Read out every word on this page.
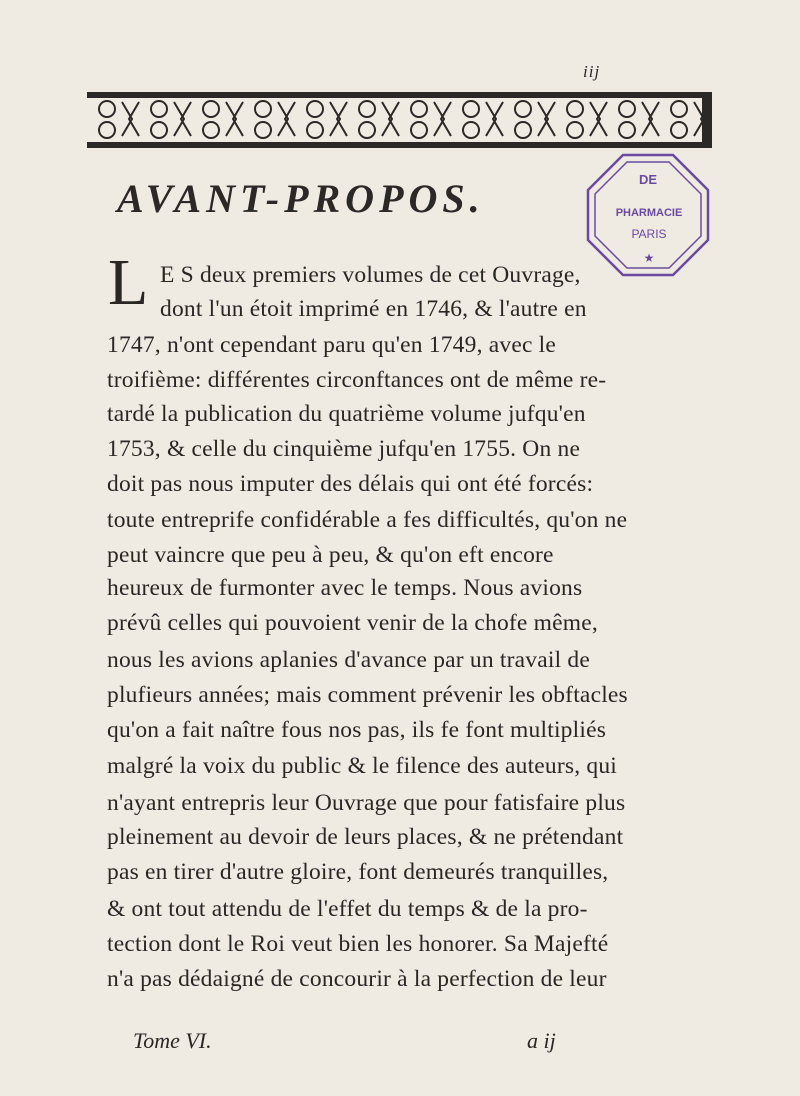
iij
AVANT-PROPOS.	DE
PHARMACIE
PARIS
★
L E S deux premiers volumes de cet Ouvrage,
dont l'un étoit imprimé en 1746, & l'autre en
1747, n'ont cependant paru qu'en 1749, avec le
troifième: différentes circonftances ont de même re-
tardé la publication du quatrième volume jufqu'en
1753, & celle du cinquième jufqu'en 1755. On ne
doit pas nous imputer des délais qui ont été forcés:
toute entreprife confidérable a fes difficultés, qu'on ne
peut vaincre que peu à peu, & qu'on eft encore
heureux de furmonter avec le temps. Nous avions
prévû celles qui pouvoient venir de la chofe même,
nous les avions aplanies d'avance par un travail de
plufieurs années; mais comment prévenir les obftacles
qu'on a fait naître fous nos pas, ils fe font multipliés
malgré la voix du public & le filence des auteurs, qui
n'ayant entrepris leur Ouvrage que pour fatisfaire plus
pleinement au devoir de leurs places, & ne prétendant
pas en tirer d'autre gloire, font demeurés tranquilles,
& ont tout attendu de l'effet du temps & de la pro-
tection dont le Roi veut bien les honorer. Sa Majefté
n'a pas dédaigné de concourir à la perfection de leur
Tome VI.	a ij
